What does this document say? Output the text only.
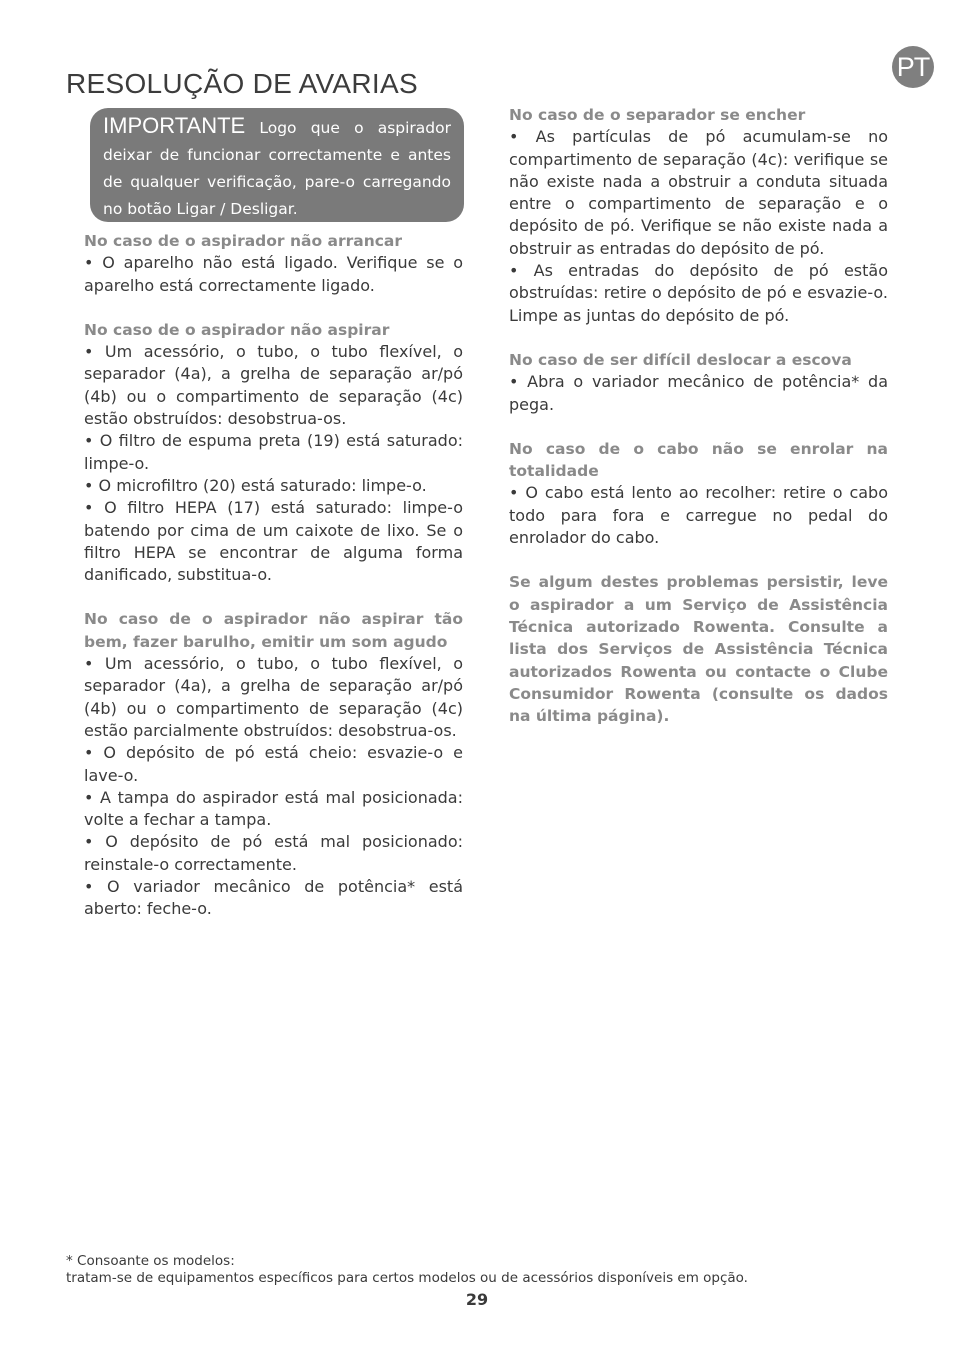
PT
RESOLUÇÃO DE AVARIAS
IMPORTANTE Logo que o aspirador deixar de funcionar correctamente e antes de qualquer verificação, pare-o carregando no botão Ligar / Desligar.
No caso de o aspirador não arrancar

• O aparelho não está ligado. Verifique se o aparelho está correctamente ligado.

No caso de o aspirador não aspirar

• Um acessório, o tubo, o tubo flexível, o separador (4a), a grelha de separação ar/pó (4b) ou o compartimento de separação (4c) estão obstruídos: desobstrua-os.

• O filtro de espuma preta (19) está saturado: limpe-o.

• O microfiltro (20) está saturado: limpe-o.

• O filtro HEPA (17) está saturado: limpe-o batendo por cima de um caixote de lixo. Se o filtro HEPA se encontrar de alguma forma danificado, substitua-o.

No caso de o aspirador não aspirar tão bem, fazer barulho, emitir um som agudo

• Um acessório, o tubo, o tubo flexível, o separador (4a), a grelha de separação ar/pó (4b) ou o compartimento de separação (4c) estão parcialmente obstruídos: desobstrua-os.

• O depósito de pó está cheio: esvazie-o e lave-o.

• A tampa do aspirador está mal posicionada: volte a fechar a tampa.

• O depósito de pó está mal posicionado: reinstale-o correctamente.

• O variador mecânico de potência* está aberto: feche-o.

No caso de o separador se encher

• As partículas de pó acumulam-se no compartimento de separação (4c): verifique se não existe nada a obstruir a conduta situada entre o compartimento de separação e o depósito de pó. Verifique se não existe nada a obstruir as entradas do depósito de pó.

• As entradas do depósito de pó estão obstruídas: retire o depósito de pó e esvazie-o. Limpe as juntas do depósito de pó.

No caso de ser difícil deslocar a escova

• Abra o variador mecânico de potência* da pega.

No caso de o cabo não se enrolar na totalidade

• O cabo está lento ao recolher: retire o cabo todo para fora e carregue no pedal do enrolador do cabo.

Se algum destes problemas persistir, leve o aspirador a um Serviço de Assistência Técnica autorizado Rowenta. Consulte a lista dos Serviços de Assistência Técnica autorizados Rowenta ou contacte o Clube Consumidor Rowenta (consulte os dados na última página).

* Consoante os modelos:
tratam-se de equipamentos específicos para certos modelos ou de acessórios disponíveis em opção.
29
